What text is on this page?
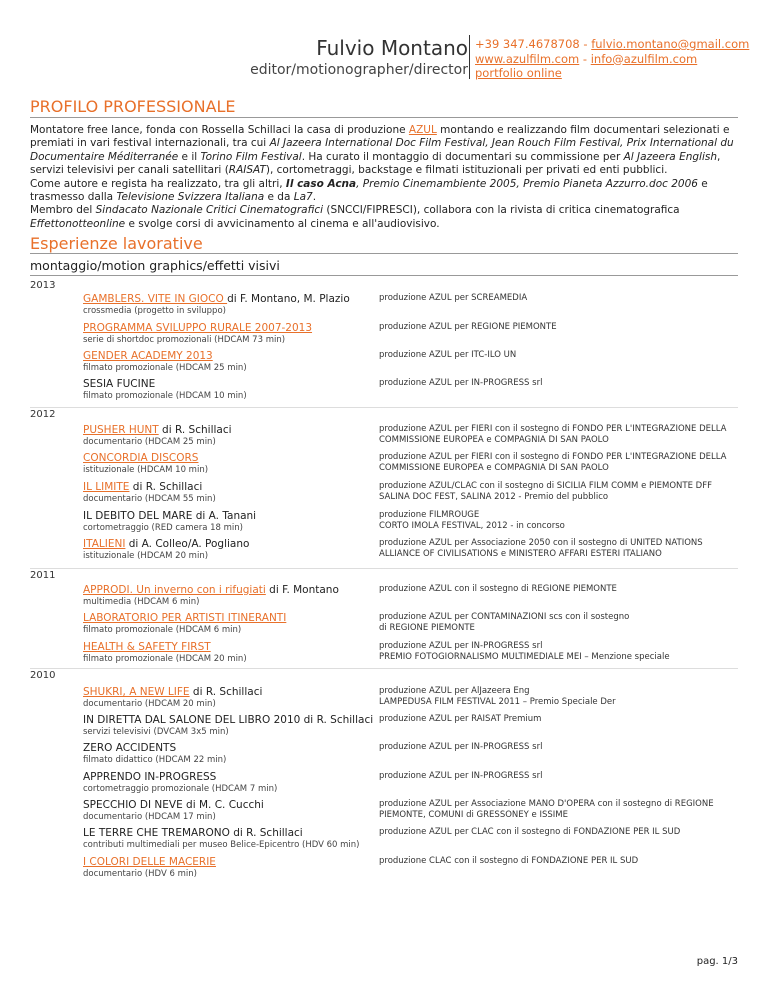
Fulvio Montano
editor/motionographer/director
+39 347.4678708 - fulvio.montano@gmail.com
www.azulfilm.com - info@azulfilm.com
portfolio online
PROFILO PROFESSIONALE

Montatore free lance, fonda con Rossella Schillaci la casa di produzione AZUL montando e realizzando film documentari selezionati e premiati in vari festival internazionali, tra cui Al Jazeera International Doc Film Festival, Jean Rouch Film Festival, Prix International du Documentaire Méditerranée e il Torino Film Festival. Ha curato il montaggio di documentari su commissione per Al Jazeera English, servizi televisivi per canali satellitari (RAISAT), cortometraggi, backstage e filmati istituzionali per privati ed enti pubblici.

Come autore e regista ha realizzato, tra gli altri, Il caso Acna, Premio Cinemambiente 2005, Premio Pianeta Azzurro.doc 2006 e trasmesso dalla Televisione Svizzera Italiana e da La7.

Membro del Sindacato Nazionale Critici Cinematografici (SNCCI/FIPRESCI), collabora con la rivista di critica cinematografica Effettonotteonline e svolge corsi di avvicinamento al cinema e all'audiovisivo.

Esperienze lavorative
montaggio/motion graphics/effetti visivi
2013
2012
2011
2010
GAMBLERS. VITE IN GIOCO di F. Montano, M. Plazio
crossmedia (progetto in sviluppo)
produzione AZUL per SCREAMEDIA
PROGRAMMA SVILUPPO RURALE 2007-2013
serie di shortdoc promozionali (HDCAM 73 min)
produzione AZUL per REGIONE PIEMONTE
GENDER ACADEMY 2013
filmato promozionale (HDCAM 25 min)
produzione AZUL per ITC-ILO UN
SESIA FUCINE
filmato promozionale (HDCAM 10 min)
produzione AZUL per IN-PROGRESS srl
PUSHER HUNT di R. Schillaci
documentario (HDCAM 25 min)
produzione AZUL per FIERI con il sostegno di FONDO PER L'INTEGRAZIONE DELLA
COMMISSIONE EUROPEA e COMPAGNIA DI SAN PAOLO
CONCORDIA DISCORS
istituzionale (HDCAM 10 min)
produzione AZUL per FIERI con il sostegno di FONDO PER L'INTEGRAZIONE DELLA
COMMISSIONE EUROPEA e COMPAGNIA DI SAN PAOLO
IL LIMITE di R. Schillaci
documentario (HDCAM 55 min)
produzione AZUL/CLAC con il sostegno di SICILIA FILM COMM e PIEMONTE DFF
SALINA DOC FEST, SALINA 2012 - Premio del pubblico
IL DEBITO DEL MARE di A. Tanani
cortometraggio (RED camera 18 min)
produzione FILMROUGE
CORTO IMOLA FESTIVAL, 2012 - in concorso
ITALIENI di A. Colleo/A. Pogliano
istituzionale (HDCAM 20 min)
produzione AZUL per Associazione 2050 con il sostegno di UNITED NATIONS
ALLIANCE OF CIVILISATIONS e MINISTERO AFFARI ESTERI ITALIANO
APPRODI. Un inverno con i rifugiati di F. Montano
multimedia (HDCAM 6 min)
produzione AZUL con il sostegno di REGIONE PIEMONTE
LABORATORIO PER ARTISTI ITINERANTI
filmato promozionale (HDCAM 6 min)
produzione AZUL per CONTAMINAZIONI scs con il sostegno
di REGIONE PIEMONTE
HEALTH & SAFETY FIRST
filmato promozionale (HDCAM 20 min)
produzione AZUL per IN-PROGRESS srl
PREMIO FOTOGIORNALISMO MULTIMEDIALE MEI – Menzione speciale
SHUKRI, A NEW LIFE di R. Schillaci
documentario (HDCAM 20 min)
produzione AZUL per AlJazeera Eng
LAMPEDUSA FILM FESTIVAL 2011 – Premio Speciale Der
IN DIRETTA DAL SALONE DEL LIBRO 2010 di R. Schillaci
servizi televisivi (DVCAM 3x5 min)
produzione AZUL per RAISAT Premium
ZERO ACCIDENTS
filmato didattico (HDCAM 22 min)
produzione AZUL per IN-PROGRESS srl
APPRENDO IN-PROGRESS
cortometraggio promozionale (HDCAM 7 min)
produzione AZUL per IN-PROGRESS srl
SPECCHIO DI NEVE di M. C. Cucchi
documentario (HDCAM 17 min)
produzione AZUL per Associazione MANO D'OPERA con il sostegno di REGIONE
PIEMONTE, COMUNI di GRESSONEY e ISSIME
LE TERRE CHE TREMARONO di R. Schillaci
contributi multimediali per museo Belice-Epicentro (HDV 60 min)
produzione AZUL per CLAC con il sostegno di FONDAZIONE PER IL SUD
I COLORI DELLE MACERIE
documentario (HDV 6 min)
produzione CLAC con il sostegno di FONDAZIONE PER IL SUD
pag. 1/3
